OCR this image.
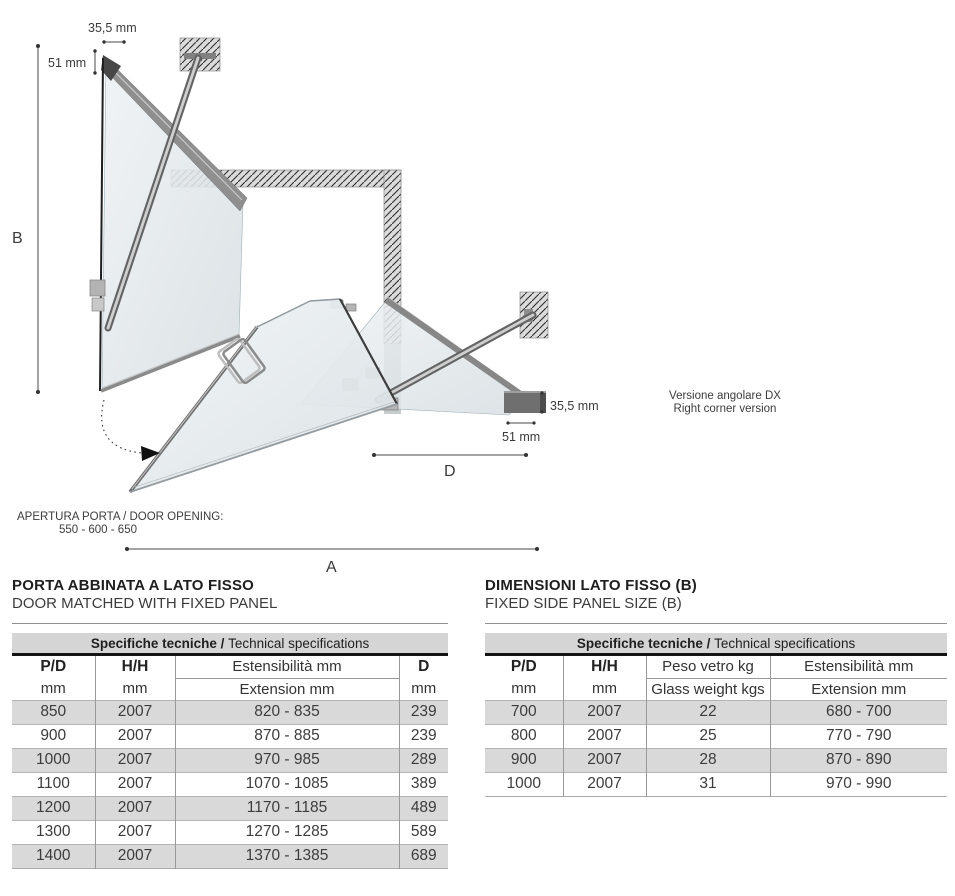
B
35,5 mm
51 mm
35,5 mm
51 mm
D
A
APERTURA PORTA / DOOR OPENING:
550 - 600 - 650
Versione angolare DX
Right corner version

PORTA ABBINATA A LATO FISSO

DOOR MATCHED WITH FIXED PANEL

Specifiche tecniche / Technical specifications			
P/D	H/H	Estensibilità mm	D
mm	mm	Extension mm	mm
850	2007	820 - 835	239
900	2007	870 - 885	239
1000	2007	970 - 985	289
1100	2007	1070 - 1085	389
1200	2007	1170 - 1185	489
1300	2007	1270 - 1285	589
1400	2007	1370 - 1385	689

DIMENSIONI LATO FISSO (B)

FIXED SIDE PANEL SIZE (B)

Specifiche tecniche / Technical specifications			
P/D	H/H	Peso vetro kg	Estensibilità mm
mm	mm	Glass weight kgs	Extension mm
700	2007	22	680 - 700
800	2007	25	770 - 790
900	2007	28	870 - 890
1000	2007	31	970 - 990
